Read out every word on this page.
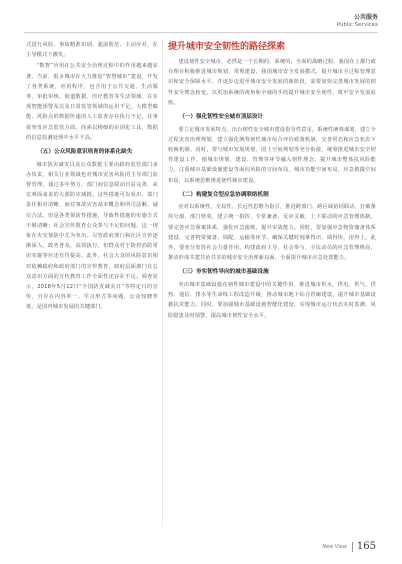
公共服务
Public Services

式进行风险、事故精准识别、超前防范，主动应对，在主导模式下激发。

“数智”应用在公共安全治理过程中的作用越来越显著。当前，很多城市在大力推进“智慧城市”建设，开发了各类系统，应用程序，包含用于公共交通、生活服务、审批审核、街道数据、医疗教育等生活领域，在实现智能预警及以及日常监管领域的运用不足。大模型赋能、风险点的数据传递的人工监查存在执行不足，在事故突发应急监管方面，尚须以精细的识别化工具，数据的信息监测处理中水平不高。

（五）公众风险意识培育的体系化缺失

城市防灾减灾以及公众数据主要由政府监管部门承办负责，相关行业领域也对城市灾害风险的主导部门监督管理，通过多年努力，部门间信息联动日益完善，从宏观面来说的大部防灾减抵，这些措施可以看出，部门责任相对清晰，而对事故灾害基本概念和所司法解、诚信合法。但是各类预防性措施，导致性措施的实施方式不够清晰；社会宣传教育公众参与不足的问题，这一现象在火灾预防中尤为突出。尽管政府部门和社区宣传逐渐深入，政务普及，高效执行。但群众对于防控消防常识实施等应还有待提高。此外，社会大众的风险意识相对依赖政府和政府部门的宣传教育，政府层面部门在公众意识方面的宣传教育工作全面性还存在不足。调查显示，2018年5月12日“全国防灾减灾日”等特定日的宣传，且存在内容单一、学习形式等问题，公众知晓率低，是国内城市发展的关键部门。

提升城市安全韧性的路径探索

建设韧性安全城市，必然是一个长期的、系统的、全面的战略过程。我国在上都行政有理在积极推进城市规划、常规建设，我国城市安全发展模式，提升城市全过程管理意识和安全保障水平，并逐步迈进至城市安全发展的新阶段，需要加快完善城市发展的韧性安全理念转变，以更加系统的视角和全域的手段提升城市安全韧性，筑牢安全发展底座。

（一）强化韧性安全城市顶层设计

要立足城市发展特点，出台韧性安全城市建设指导性意见。系统性统筹谋划，建立全过程灾害治理规划，建立强化统筹韧性城市综合评价政策机制，完善常态和应急状态下转换机制。同时，要与城市发展规划、国土空间规划等充分衔接，统筹推进城市安全韧性建设工作，使城市规划、建设、管理等环节融入韧性理念，提升城市整体抗风险能力。注重城市基础设施建设等面向风险的空间布局，城市功能空间布局，应急救援空间布局，以系统思维推进韧性城市建设。

（二）构建复合型应急协调联络机制

应对以系统性、全局性、长远性思维为指引，推进跨部门、跨区域协同联动，打破条块分割、部门壁垒，建立统一指挥、专常兼备、反应灵敏、上下联动的应急管理体制。要完善应急预案体系，强化应急演练，提升实战能力。同时，要加强应急物资储备体系建设，完善物资储备、调配、运输等环节，确保关键时刻拿得出、调得快、用得上。此外，要充分发挥社会力量作用，构建政府主导、社会参与、全民动员的应急管理格局，推动形成共建共治共享的城市安全治理新局面，全面提升城市应急处置能力。

（三）夯实韧性导向的城市基础设施

突出城市基础设施在韧性城市建设中的关键作用，推进城市供水、供电、供气、供热、通信、排水等生命线工程改造升级，推动城市地下综合管廊建设，提升城市基础设施抗灾能力。同时，要加强城市基础设施智能化建设，实现城市运行状态实时监测、风险隐患及时预警，提高城市韧性安全水平。

New View 165
